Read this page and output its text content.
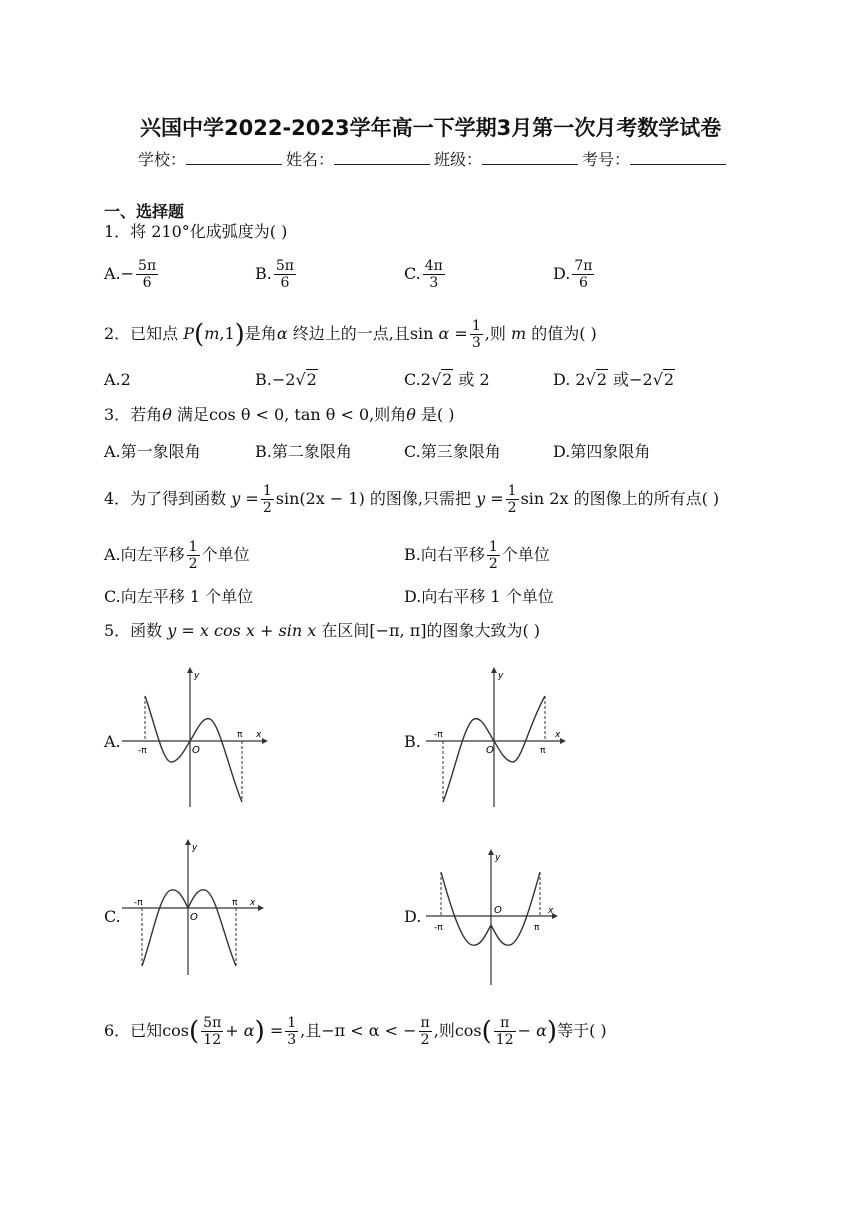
兴国中学2022-2023学年高一下学期3月第一次月考数学试卷
学校：	姓名：	班级：	考号：
一、选择题
1．将 210°化成弧度为( )
$A.- \frac{5\pi}{6}$	B. $\frac{5\pi}{6}$	C. $\frac{4\pi}{3}$	D. $\frac{7\pi}{6}$
2．已知点 P(m,1)是角α 终边上的一点,且$\sin \alpha = \frac{1}{3}$ ,则 m 的值为( )
A.2	B.−2√2	C.2√2 或 2	D. 2√2 或−2√2
3．若角θ 满足cos θ < 0, tan θ < 0,则角θ 是( )
A.第一象限角	B.第二象限角	C.第三象限角	D.第四象限角
4．为了得到函数 $y = \frac{1}{2} \sin(2x - 1)$ 的图像,只需把 $y = \frac{1}{2}$ sin 2x 的图像上的所有点( )
A.向左平移 $\frac{1}{2}$ 个单位	B.向右平移 $\frac{1}{2}$ 个单位
C.向左平移 1 个单位	D.向右平移 1 个单位
5．函数 y = x cos x + sin x 在区间[−π, π]的图象大致为( )
A.	B.
C.	D.
y
x
O
π
-π
y
x
O	π
-π
y
x
O
π
-π
y
x
O
π
-π
6．已知$\cos( \frac{5\pi}{12} + \alpha) = \frac{1}{3}$ ,且−π < α < − $\frac{\pi}{2}$ ,则$\cos( \frac{\pi}{12} - \alpha)$等于( )
